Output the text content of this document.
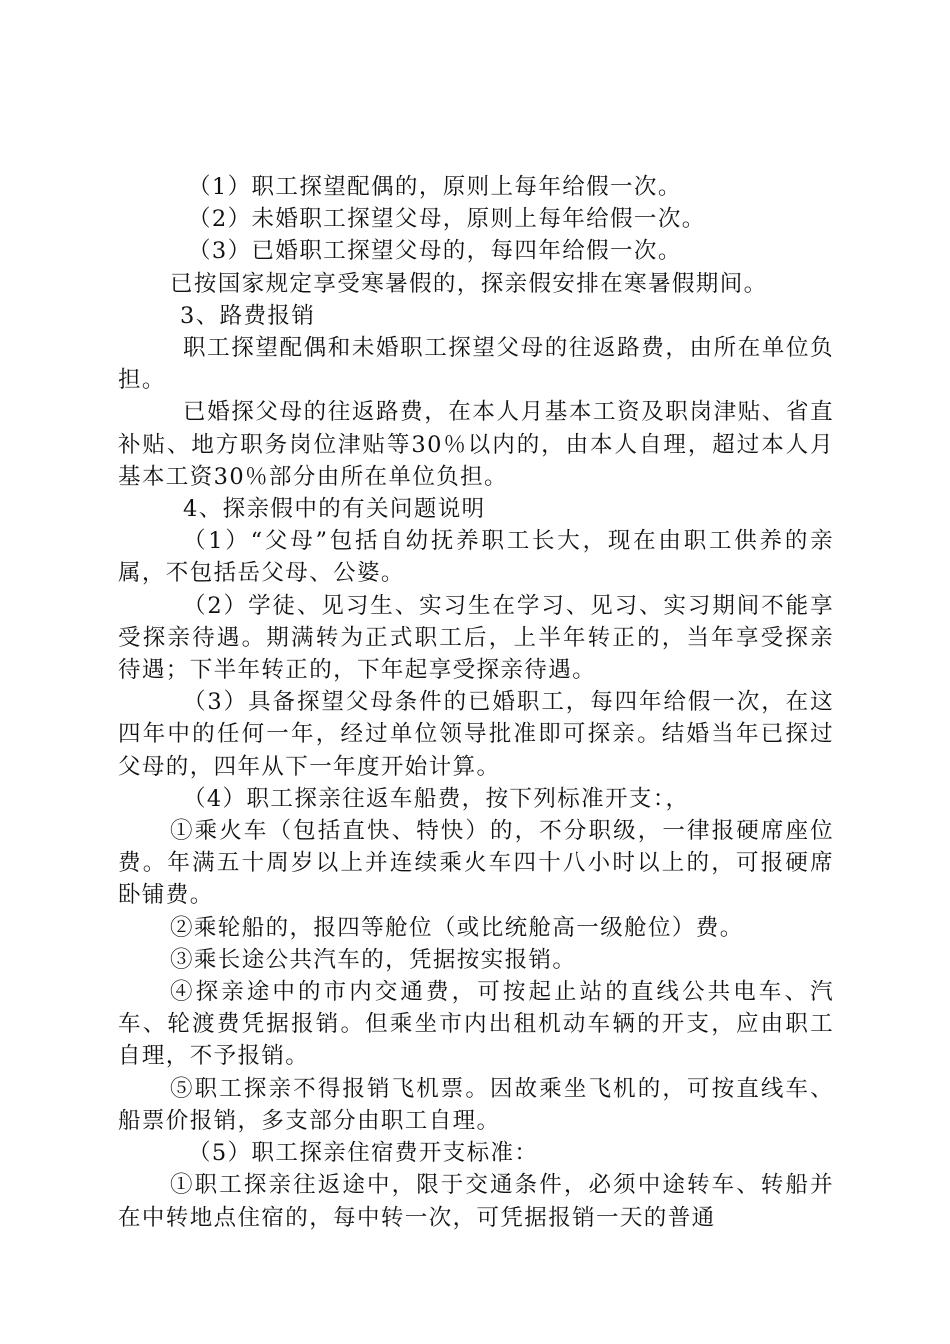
（1）职工探望配偶的，原则上每年给假一次。

（2）未婚职工探望父母，原则上每年给假一次。

（3）已婚职工探望父母的，每四年给假一次。

已按国家规定享受寒暑假的，探亲假安排在寒暑假期间。

3、路费报销

职工探望配偶和未婚职工探望父母的往返路费，由所在单位负担。

已婚探父母的往返路费，在本人月基本工资及职岗津贴、省直补贴、地方职务岗位津贴等30％以内的，由本人自理，超过本人月基本工资30％部分由所在单位负担。

4、探亲假中的有关问题说明

（1）“父母”包括自幼抚养职工长大，现在由职工供养的亲属，不包括岳父母、公婆。

（2）学徒、见习生、实习生在学习、见习、实习期间不能享受探亲待遇。期满转为正式职工后，上半年转正的，当年享受探亲待遇；下半年转正的，下年起享受探亲待遇。

（3）具备探望父母条件的已婚职工，每四年给假一次，在这四年中的任何一年，经过单位领导批准即可探亲。结婚当年已探过父母的，四年从下一年度开始计算。

（4）职工探亲往返车船费，按下列标准开支：，

①乘火车（包括直快、特快）的，不分职级，一律报硬席座位费。年满五十周岁以上并连续乘火车四十八小时以上的，可报硬席卧铺费。

②乘轮船的，报四等舱位（或比统舱高一级舱位）费。

③乘长途公共汽车的，凭据按实报销。

④探亲途中的市内交通费，可按起止站的直线公共电车、汽车、轮渡费凭据报销。但乘坐市内出租机动车辆的开支，应由职工自理，不予报销。

⑤职工探亲不得报销飞机票。因故乘坐飞机的，可按直线车、船票价报销，多支部分由职工自理。

（5）职工探亲住宿费开支标准：

①职工探亲往返途中，限于交通条件，必须中途转车、转船并在中转地点住宿的，每中转一次，可凭据报销一天的普通
